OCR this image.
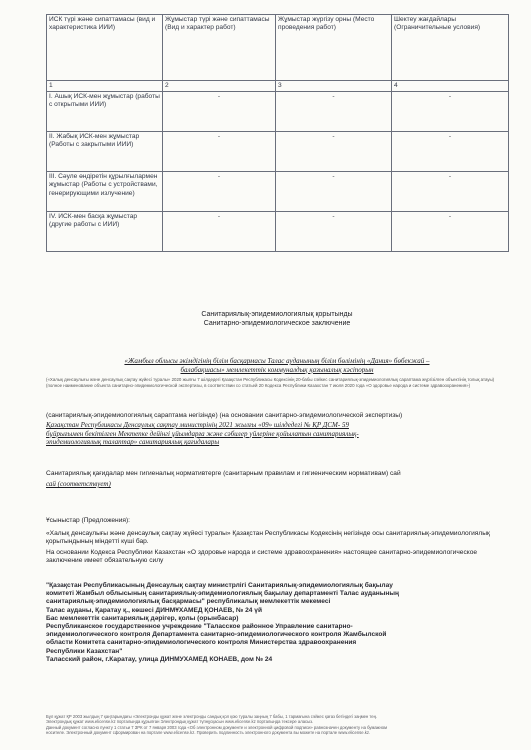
ИСК түрі және сипаттамасы (вид и характеристика ИИИ)	Жұмыстар түрі және сипаттамасы (Вид и характер работ)	Жұмыстар жүргізу орны (Место проведения работ)	Шектеу жағдайлары (Ограничительные условия)
1	2	3	4
I. Ашық ИСК-мен жұмыстар (работы с открытыми ИИИ)	-	-	-
II. Жабық ИСК-мен жұмыстар (Работы с закрытыми ИИИ)	-	-	-
III. Сәуле өндіретін құрылғылармен жұмыстар (Работы с устройствами, генерирующими излучение)	-	-	-
IV. ИСК-мен басқа жұмыстар (другие работы с ИИИ)	-	-	-
Санитариялық-эпидемиологиялық қорытынды
Санитарно-эпидемиологическое заключение
«Жамбыл облысы әкімдігінің білім басқармасы Талас ауданының білім бөлімінің «Дания» бөбекжай –
балабақшасы» мемлекеттік коммуналдық қазыналық кәсіпорын
(«Халық денсаулығы және денсаулық сақтау жүйесі туралы» 2020 жылғы 7 шілдедегі Қазақстан Республикасы Кодексінің 20-бабы сәйкес санитариялық-эпидемиологиялық сараптама жүргізілген объектінің толық атауы)
(полное наименование объекта санитарно-эпидемиологической экспертизы, в соответствии со статьей 20 Кодекса Республики Казахстан 7 июля 2020 года «О здоровье народа и системе здравоохранения»)
(санитариялық-эпидемиологиялық сараптама негізінде) (на основании санитарно-эпидемиологической экспертизы)
Қазақстан Республикасы Денсаулық сақтау министрінің 2021 жылғы «09» шілдедегі № ҚР ДСМ- 59
бұйрығымен бекітілген Мектепке дейінгі ұйымдарға және сәбилер үйлеріне қойылатын санитариялық-
эпидемиологиялық талаптар» санитариялық қағидалары
Санитариялық қағидалар мен гигиеналық нормативтерге (санитарным правилам и гигиеническим нормативам) сай
сай (соответствует)
Ұсыныстар (Предложения):
«Халық денсаулығы және денсаулық сақтау жүйесі туралы» Қазақстан Республикасы Кодексінің негізінде осы санитариялық-эпидемиологиялық қорытындының міндетті күші бар.
На основании Кодекса Республики Казахстан «О здоровье народа и системе здравоохранения» настоящее санитарно-эпидемиологическое заключение имеет обязательную силу
"Қазақстан Республикасының Денсаулық сақтау министрлігі Санитариялық-эпидемиологиялық бақылау
комитеті Жамбыл облысының санитариялық-эпидемиологиялық бақылау департаменті Талас ауданының
санитариялық-эпидемиологиялық басқармасы" республикалық мемлекеттік мекемесі
Талас ауданы, Қаратау қ., көшесі ДИНМҰХАМЕД ҚОНАЕВ, № 24 үй
Бас мемлекеттік санитариялық дәрігер, қолы (орынбасар)
Республиканское государственное учреждение "Таласское районное Управление санитарно-
эпидемиологического контроля Департамента санитарно-эпидемиологического контроля Жамбылской
области Комитета санитарно-эпидемиологического контроля Министерства здравоохранения
Республики Казахстан"
Таласский район, г.Каратау, улица ДИНМУХАМЕД КОНАЕВ, дом № 24
Бұл құжат ҚР 2003 жылдың 7 қаңтарындағы «Электронды құжат және электронды сандық қол қою туралы заңның 7 бабы, 1 тармағына сәйкес қағаз бетіндегі заңмен тең.
Электрондық құжат www.elicense.kz порталында құрылған Электрондық құжат түпнұсқасын www.elicense.kz порталында тексере аласыз.
Данный документ согласно пункту 1 статьи 7 ЗРК от 7 января 2003 года «Об электронном документе и электронной цифровой подписи» равнозначен документу на бумажном
носителе. Электронный документ сформирован на портале www.elicense.kz. Проверить подлинность электронного документа вы можете на портале www.elicense.kz.
